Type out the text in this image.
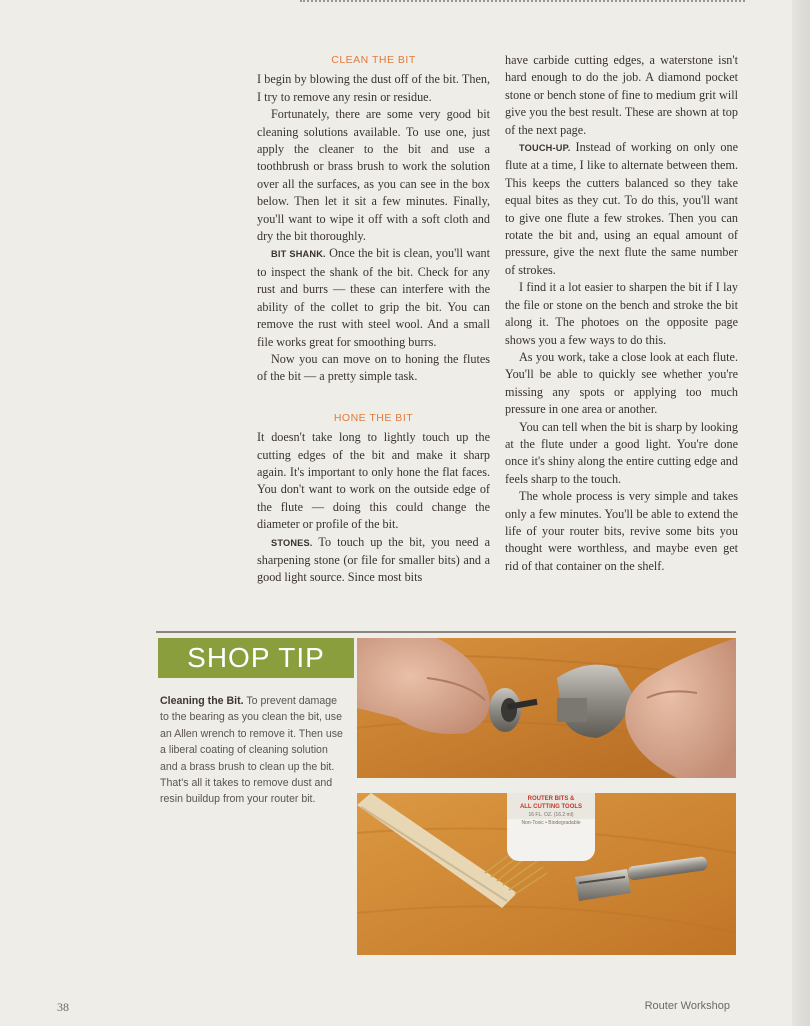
CLEAN THE BIT

I begin by blowing the dust off of the bit. Then, I try to remove any resin or residue.

Fortunately, there are some very good bit cleaning solutions available. To use one, just apply the cleaner to the bit and use a toothbrush or brass brush to work the solution over all the surfaces, as you can see in the box below. Then let it sit a few minutes. Finally, you'll want to wipe it off with a soft cloth and dry the bit thoroughly.

BIT SHANK. Once the bit is clean, you'll want to inspect the shank of the bit. Check for any rust and burrs — these can interfere with the ability of the collet to grip the bit. You can remove the rust with steel wool. And a small file works great for smoothing burrs.

Now you can move on to honing the flutes of the bit — a pretty simple task.

HONE THE BIT

It doesn't take long to lightly touch up the cutting edges of the bit and make it sharp again. It's important to only hone the flat faces. You don't want to work on the outside edge of the flute — doing this could change the diameter or profile of the bit.

STONES. To touch up the bit, you need a sharpening stone (or file for smaller bits) and a good light source. Since most bits

have carbide cutting edges, a waterstone isn't hard enough to do the job. A diamond pocket stone or bench stone of fine to medium grit will give you the best result. These are shown at top of the next page.

TOUCH-UP. Instead of working on only one flute at a time, I like to alternate between them. This keeps the cutters balanced so they take equal bites as they cut. To do this, you'll want to give one flute a few strokes. Then you can rotate the bit and, using an equal amount of pressure, give the next flute the same number of strokes.

I find it a lot easier to sharpen the bit if I lay the file or stone on the bench and stroke the bit along it. The photoes on the opposite page shows you a few ways to do this.

As you work, take a close look at each flute. You'll be able to quickly see whether you're missing any spots or applying too much pressure in one area or another.

You can tell when the bit is sharp by looking at the flute under a good light. You're done once it's shiny along the entire cutting edge and feels sharp to the touch.

The whole process is very simple and takes only a few minutes. You'll be able to extend the life of your router bits, revive some bits you thought were worthless, and maybe even get rid of that container on the shelf.

SHOP TIP
Cleaning the Bit. To prevent damage to the bearing as you clean the bit, use an Allen wrench to remove it. Then use a liberal coating of cleaning solution and a brass brush to clean up the bit. That's all it takes to remove dust and resin buildup from your router bit.	ROUTER BITS &
ALL CUTTING TOOLS
16 FL. OZ. (16.2 ml)
Non-Toxic • Biodegradable
38	Router Workshop
